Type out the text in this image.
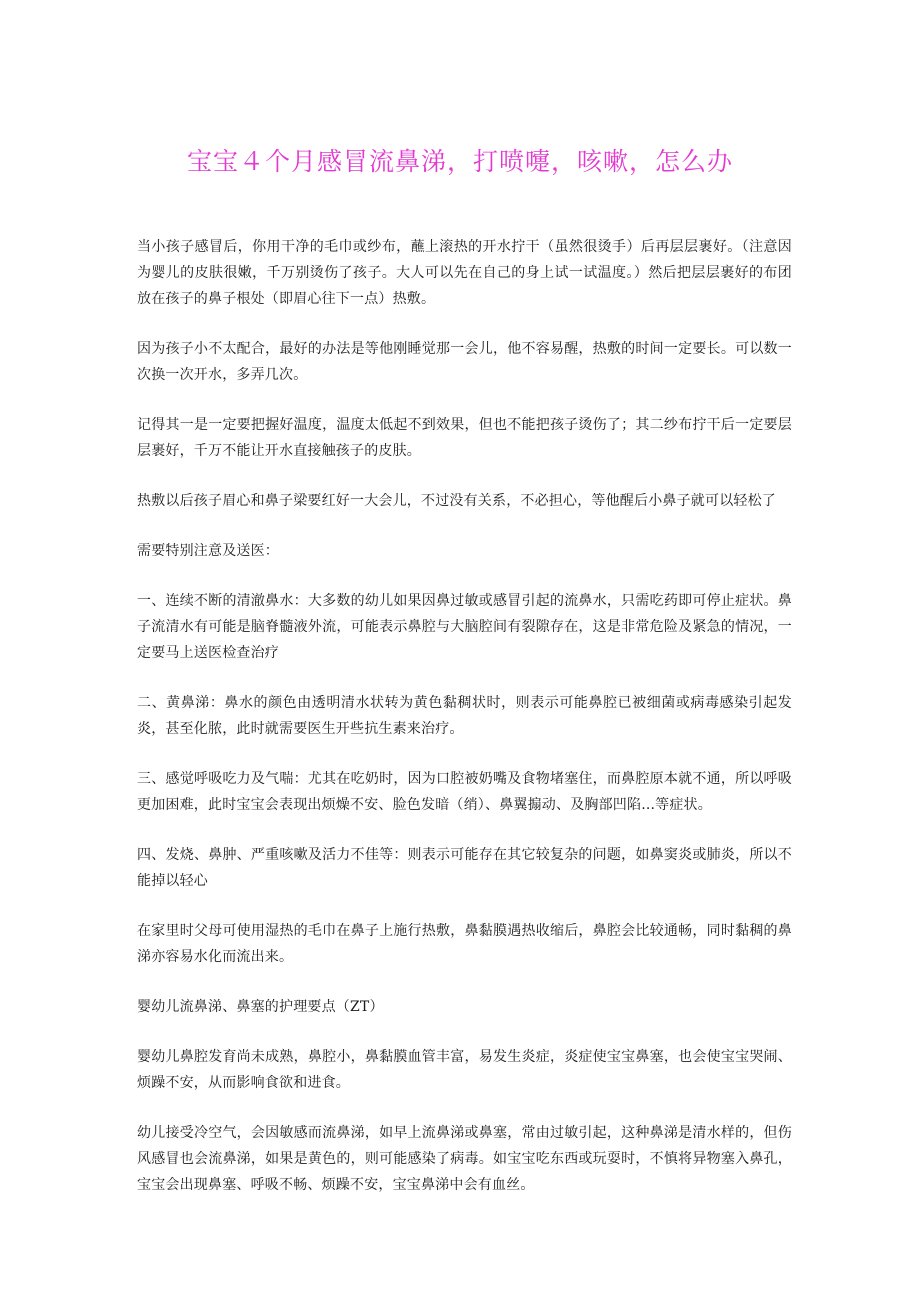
宝宝４个月感冒流鼻涕，打喷嚏，咳嗽，怎么办

当小孩子感冒后，你用干净的毛巾或纱布，蘸上滚热的开水拧干（虽然很烫手）后再层层裹好。（注意因为婴儿的皮肤很嫩，千万别烫伤了孩子。大人可以先在自己的身上试一试温度。）然后把层层裹好的布团放在孩子的鼻子根处（即眉心往下一点）热敷。

因为孩子小不太配合，最好的办法是等他刚睡觉那一会儿，他不容易醒，热敷的时间一定要长。可以数一次换一次开水，多弄几次。

记得其一是一定要把握好温度，温度太低起不到效果，但也不能把孩子烫伤了；其二纱布拧干后一定要层层裹好，千万不能让开水直接触孩子的皮肤。

热敷以后孩子眉心和鼻子梁要红好一大会儿，不过没有关系，不必担心，等他醒后小鼻子就可以轻松了

需要特别注意及送医：

一、连续不断的清澈鼻水：大多数的幼儿如果因鼻过敏或感冒引起的流鼻水，只需吃药即可停止症状。鼻子流清水有可能是脑脊髓液外流，可能表示鼻腔与大脑腔间有裂隙存在，这是非常危险及紧急的情况，一定要马上送医检查治疗

二、黄鼻涕：鼻水的颜色由透明清水状转为黄色黏稠状时，则表示可能鼻腔已被细菌或病毒感染引起发炎，甚至化脓，此时就需要医生开些抗生素来治疗。

三、感觉呼吸吃力及气喘：尤其在吃奶时，因为口腔被奶嘴及食物堵塞住，而鼻腔原本就不通，所以呼吸更加困难，此时宝宝会表现出烦燥不安、脸色发暗（绡）、鼻翼搧动、及胸部凹陷...等症状。

四、发烧、鼻肿、严重咳嗽及活力不佳等：则表示可能存在其它较复杂的问题，如鼻窦炎或肺炎，所以不能掉以轻心

在家里时父母可使用湿热的毛巾在鼻子上施行热敷，鼻黏膜遇热收缩后，鼻腔会比较通畅，同时黏稠的鼻涕亦容易水化而流出来。

婴幼儿流鼻涕、鼻塞的护理要点（ZT）

婴幼儿鼻腔发育尚未成熟，鼻腔小，鼻黏膜血管丰富，易发生炎症，炎症使宝宝鼻塞，也会使宝宝哭闹、烦躁不安，从而影响食欲和进食。

幼儿接受冷空气，会因敏感而流鼻涕，如早上流鼻涕或鼻塞，常由过敏引起，这种鼻涕是清水样的，但伤风感冒也会流鼻涕，如果是黄色的，则可能感染了病毒。如宝宝吃东西或玩耍时，不慎将异物塞入鼻孔，宝宝会出现鼻塞、呼吸不畅、烦躁不安，宝宝鼻涕中会有血丝。
